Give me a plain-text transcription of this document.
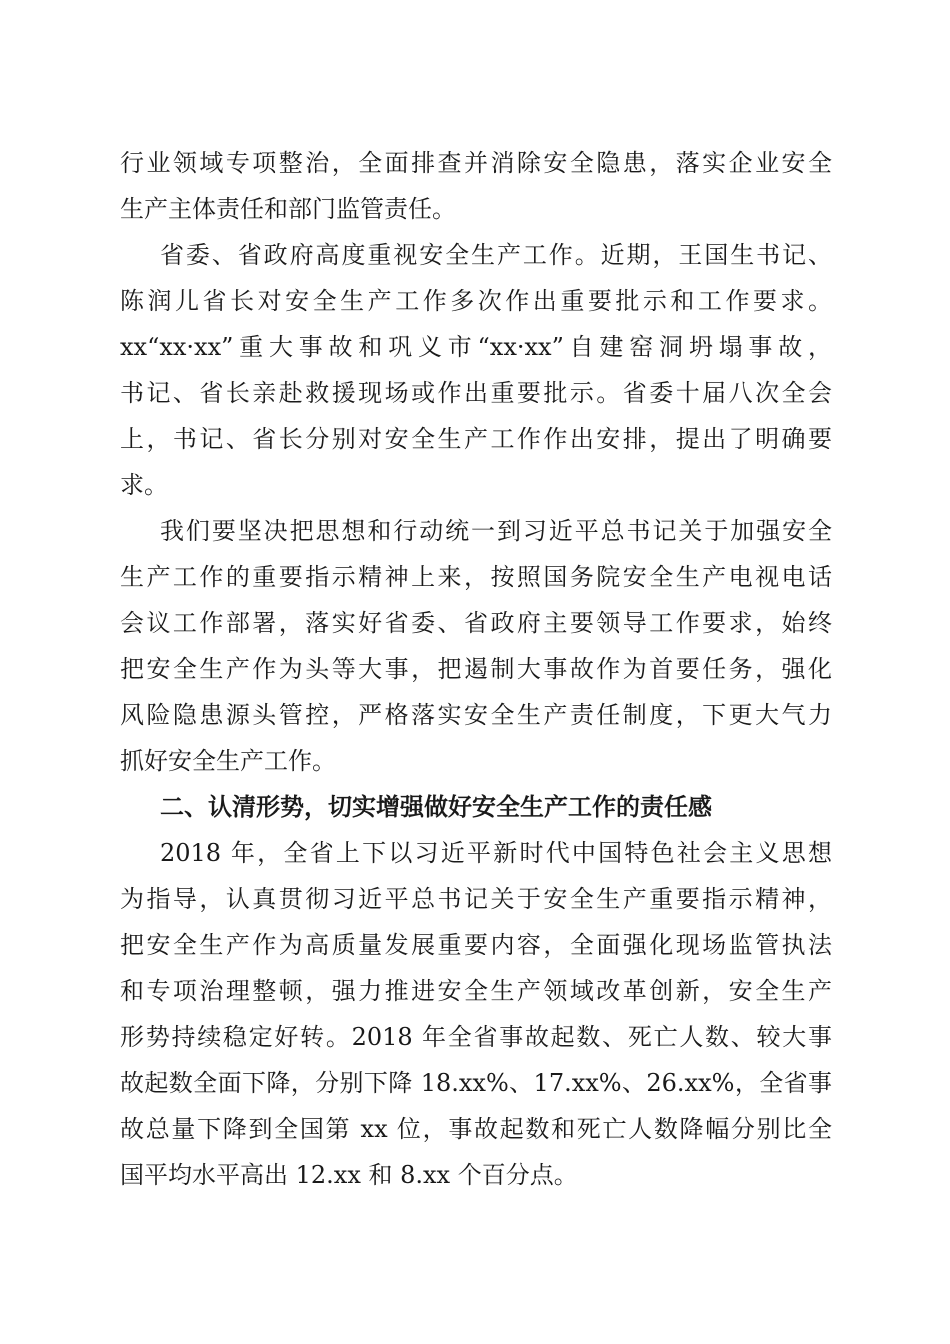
行业领域专项整治，全面排查并消除安全隐患，落实企业安全

生产主体责任和部门监管责任。

省委、省政府高度重视安全生产工作。近期，王国生书记、

陈润儿省长对安全生产工作多次作出重要批示和工作要求。

xx“xx·xx”重大事故和巩义市“xx·xx”自建窑洞坍塌事故，

书记、省长亲赴救援现场或作出重要批示。省委十届八次全会

上，书记、省长分别对安全生产工作作出安排，提出了明确要

求。

我们要坚决把思想和行动统一到习近平总书记关于加强安全

生产工作的重要指示精神上来，按照国务院安全生产电视电话

会议工作部署，落实好省委、省政府主要领导工作要求，始终

把安全生产作为头等大事，把遏制大事故作为首要任务，强化

风险隐患源头管控，严格落实安全生产责任制度，下更大气力

抓好安全生产工作。

二、认清形势，切实增强做好安全生产工作的责任感

2018 年，全省上下以习近平新时代中国特色社会主义思想

为指导，认真贯彻习近平总书记关于安全生产重要指示精神，

把安全生产作为高质量发展重要内容，全面强化现场监管执法

和专项治理整顿，强力推进安全生产领域改革创新，安全生产

形势持续稳定好转。2018 年全省事故起数、死亡人数、较大事

故起数全面下降，分别下降 18.xx%、17.xx%、26.xx%，全省事

故总量下降到全国第 xx 位，事故起数和死亡人数降幅分别比全

国平均水平高出 12.xx 和 8.xx 个百分点。
